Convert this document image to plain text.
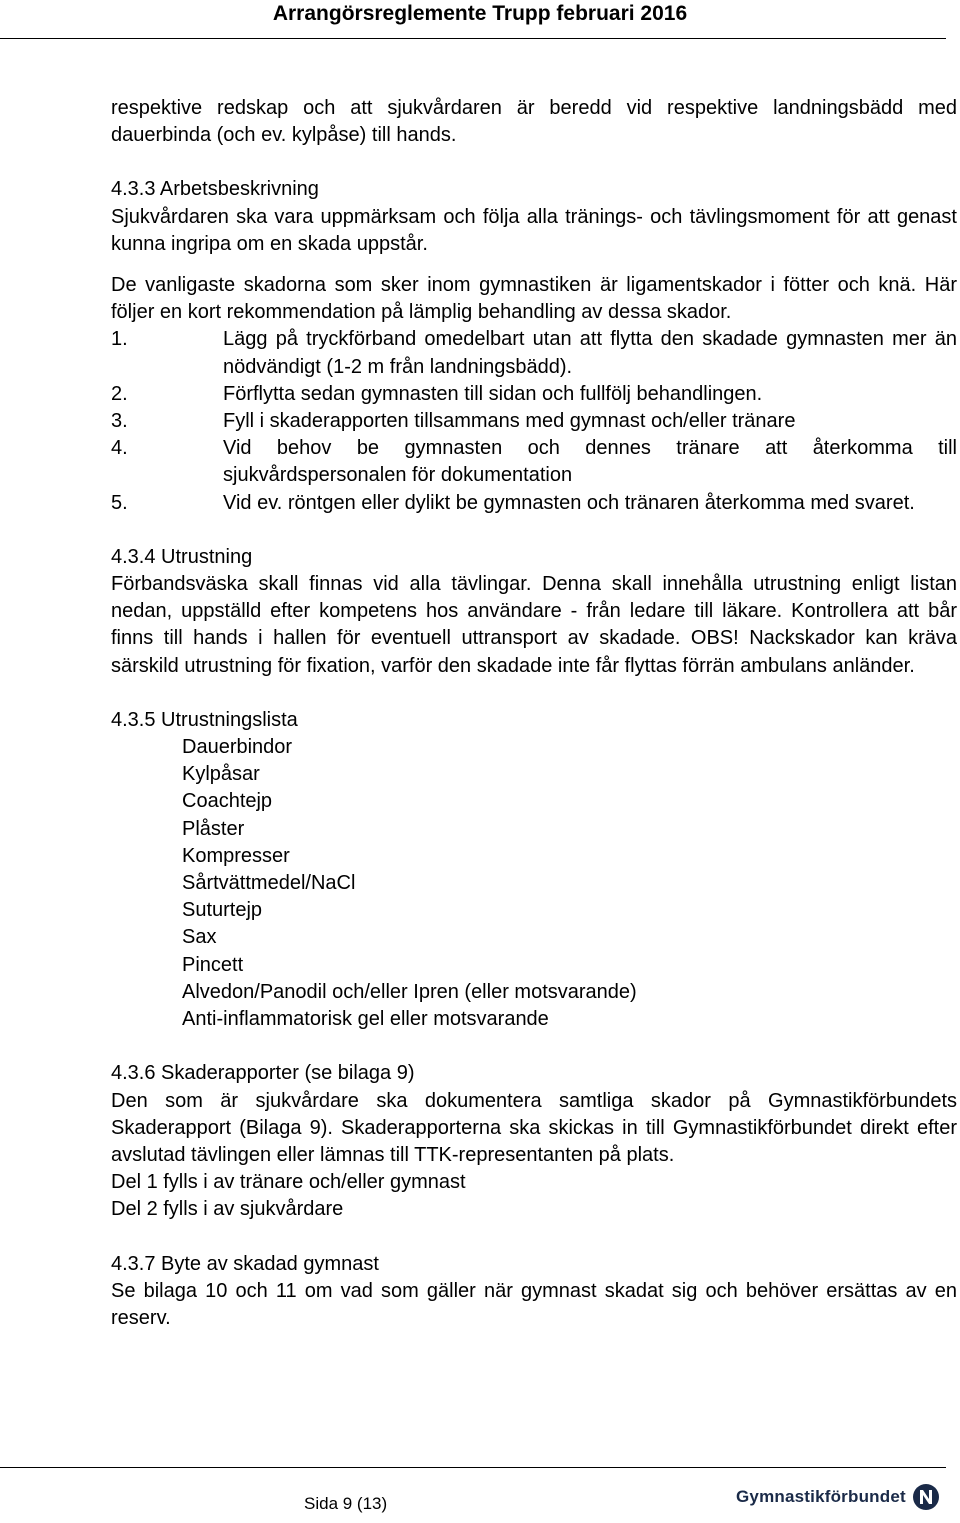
Arrangörsreglemente Trupp februari 2016

respektive redskap och att sjukvårdaren är beredd vid respektive landningsbädd med dauerbinda (och ev. kylpåse) till hands.

4.3.3 Arbetsbeskrivning

Sjukvårdaren ska vara uppmärksam och följa alla tränings- och tävlingsmoment för att genast kunna ingripa om en skada uppstår.

De vanligaste skadorna som sker inom gymnastiken är ligamentskador i fötter och knä. Här följer en kort rekommendation på lämplig behandling av dessa skador.

1.	Lägg på tryckförband omedelbart utan att flytta den skadade gymnasten mer än nödvändigt (1-2 m från landningsbädd).
2.	Förflytta sedan gymnasten till sidan och fullfölj behandlingen.
3.	Fyll i skaderapporten tillsammans med gymnast och/eller tränare
4.	Vid behov be gymnasten och dennes tränare att återkomma till sjukvårdspersonalen för dokumentation
5.	Vid ev. röntgen eller dylikt be gymnasten och tränaren återkomma med svaret.

4.3.4 Utrustning

Förbandsväska skall finnas vid alla tävlingar. Denna skall innehålla utrustning enligt listan nedan, uppställd efter kompetens hos användare - från ledare till läkare. Kontrollera att bår finns till hands i hallen för eventuell uttransport av skadade. OBS! Nackskador kan kräva särskild utrustning för fixation, varför den skadade inte får flyttas förrän ambulans anländer.

4.3.5 Utrustningslista

Dauerbindor
Kylpåsar
Coachtejp
Plåster
Kompresser
Sårtvättmedel/NaCl
Suturtejp
Sax
Pincett
Alvedon/Panodil och/eller Ipren (eller motsvarande)
Anti-inflammatorisk gel eller motsvarande

4.3.6 Skaderapporter (se bilaga 9)

Den som är sjukvårdare ska dokumentera samtliga skador på Gymnastikförbundets Skaderapport (Bilaga 9). Skaderapporterna ska skickas in till Gymnastikförbundet direkt efter avslutad tävlingen eller lämnas till TTK-representanten på plats.

Del 1 fylls i av tränare och/eller gymnast

Del 2 fylls i av sjukvårdare

4.3.7 Byte av skadad gymnast

Se bilaga 10 och 11 om vad som gäller när gymnast skadat sig och behöver ersättas av en reserv.

Sida 9 (13)	Gymnastikförbundet
